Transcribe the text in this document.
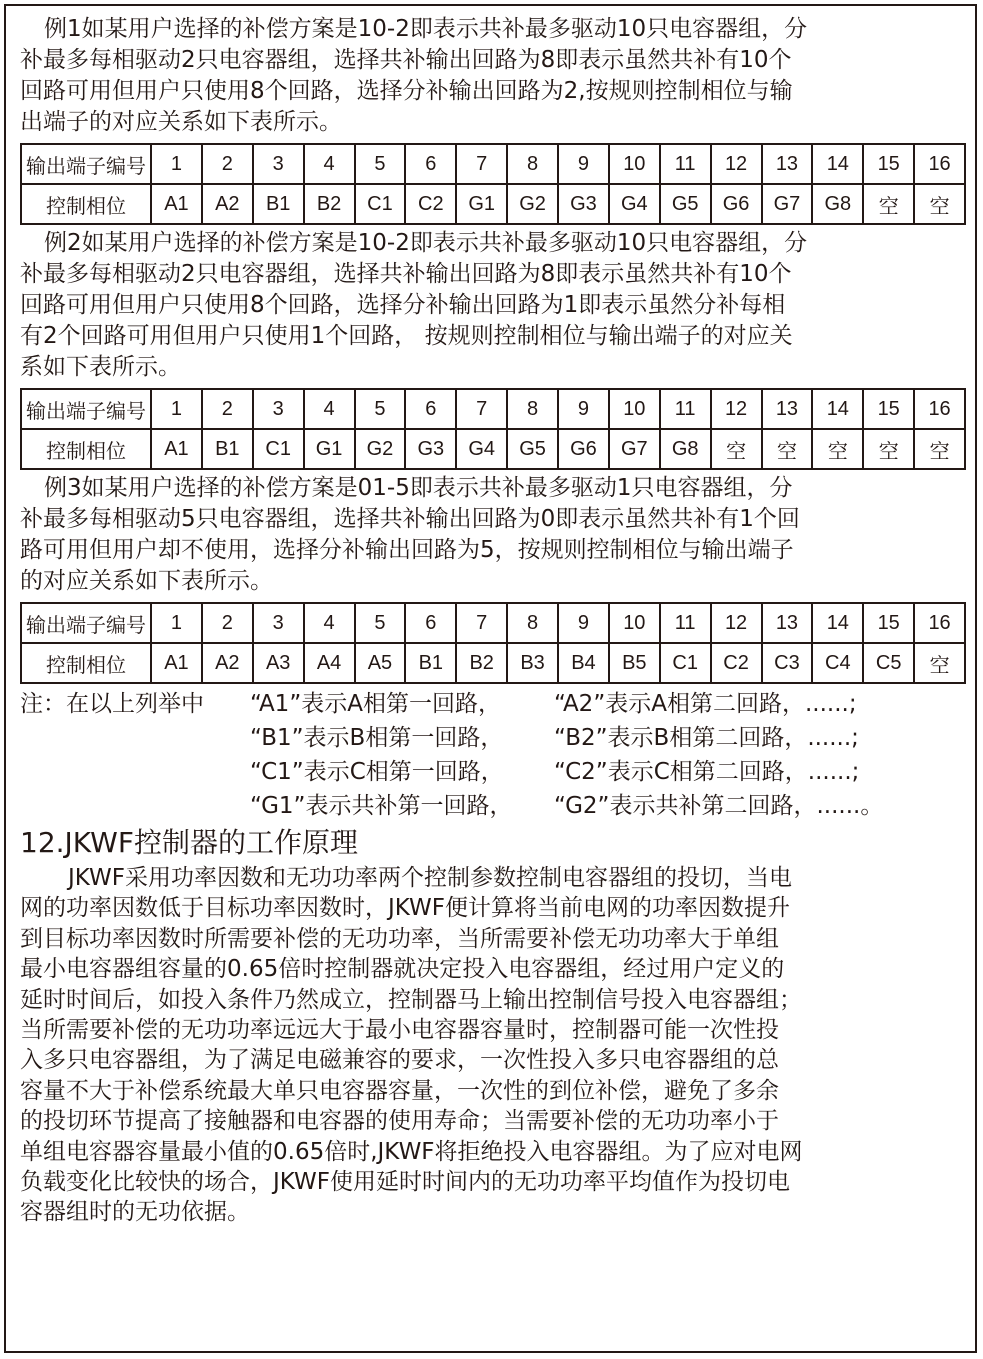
例1如某用户选择的补偿方案是10-2即表示共补最多驱动10只电容器组，分

补最多每相驱动2只电容器组，选择共补输出回路为8即表示虽然共补有10个

回路可用但用户只使用8个回路，选择分补输出回路为2,按规则控制相位与输

出端子的对应关系如下表所示。

输出端子编号	1	2	3	4	5	6	7	8	9	10	11	12	13	14	15	16
控制相位	A1	A2	B1	B2	C1	C2	G1	G2	G3	G4	G5	G6	G7	G8	空	空

例2如某用户选择的补偿方案是10-2即表示共补最多驱动10只电容器组，分

补最多每相驱动2只电容器组，选择共补输出回路为8即表示虽然共补有10个

回路可用但用户只使用8个回路，选择分补输出回路为1即表示虽然分补每相

有2个回路可用但用户只使用1个回路， 按规则控制相位与输出端子的对应关

系如下表所示。

输出端子编号	1	2	3	4	5	6	7	8	9	10	11	12	13	14	15	16
控制相位	A1	B1	C1	G1	G2	G3	G4	G5	G6	G7	G8	空	空	空	空	空

例3如某用户选择的补偿方案是01-5即表示共补最多驱动1只电容器组，分

补最多每相驱动5只电容器组，选择共补输出回路为0即表示虽然共补有1个回

路可用但用户却不使用，选择分补输出回路为5，按规则控制相位与输出端子

的对应关系如下表所示。

输出端子编号	1	2	3	4	5	6	7	8	9	10	11	12	13	14	15	16
控制相位	A1	A2	A3	A4	A5	B1	B2	B3	B4	B5	C1	C2	C3	C4	C5	空
注：在以上列举中	“A1”表示A相第一回路，	“A2”表示A相第二回路，......;
“B1”表示B相第一回路，	“B2”表示B相第二回路，......;
“C1”表示C相第一回路，	“C2”表示C相第二回路，......;
“G1”表示共补第一回路，	“G2”表示共补第二回路，......。
12.JKWF控制器的工作原理

JKWF采用功率因数和无功功率两个控制参数控制电容器组的投切，当电

网的功率因数低于目标功率因数时，JKWF便计算将当前电网的功率因数提升

到目标功率因数时所需要补偿的无功功率，当所需要补偿无功功率大于单组

最小电容器组容量的0.65倍时控制器就决定投入电容器组，经过用户定义的

延时时间后，如投入条件乃然成立，控制器马上输出控制信号投入电容器组；

当所需要补偿的无功功率远远大于最小电容器容量时，控制器可能一次性投

入多只电容器组，为了满足电磁兼容的要求，一次性投入多只电容器组的总

容量不大于补偿系统最大单只电容器容量，一次性的到位补偿，避免了多余

的投切环节提高了接触器和电容器的使用寿命；当需要补偿的无功功率小于

单组电容器容量最小值的0.65倍时,JKWF将拒绝投入电容器组。为了应对电网

负载变化比较快的场合，JKWF使用延时时间内的无功功率平均值作为投切电

容器组时的无功依据。
